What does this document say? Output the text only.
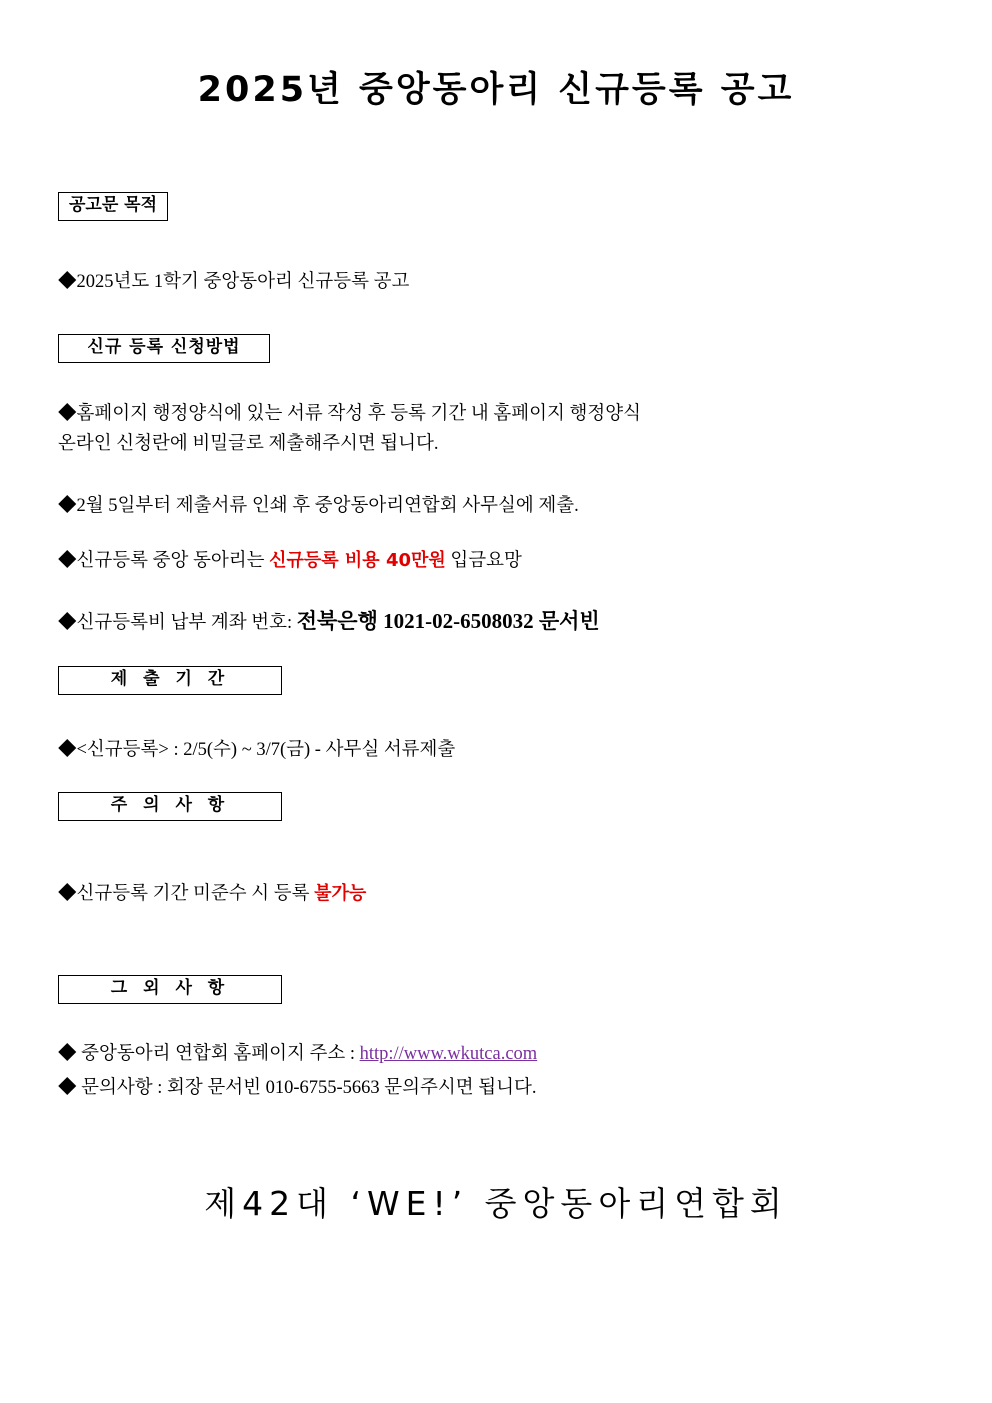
2025년 중앙동아리 신규등록 공고
공고문 목적
◆2025년도 1학기 중앙동아리 신규등록 공고
신규 등록 신청방법
◆홈페이지 행정양식에 있는 서류 작성 후 등록 기간 내 홈페이지 행정양식
온라인 신청란에 비밀글로 제출해주시면 됩니다.
◆2월 5일부터 제출서류 인쇄 후 중앙동아리연합회 사무실에 제출.
◆신규등록 중앙 동아리는 신규등록 비용 40만원 입금요망
◆신규등록비 납부 계좌 번호: 전북은행 1021-02-6508032 문서빈
제 출 기 간
◆<신규등록> : 2/5(수) ~ 3/7(금) - 사무실 서류제출
주 의 사 항
◆신규등록 기간 미준수 시 등록 불가능
그 외 사 항
◆ 중앙동아리 연합회 홈페이지 주소 : http://www.wkutca.com
◆ 문의사항 : 회장 문서빈 010-6755-5663 문의주시면 됩니다.
제42대 ‘WE!’ 중앙동아리연합회
